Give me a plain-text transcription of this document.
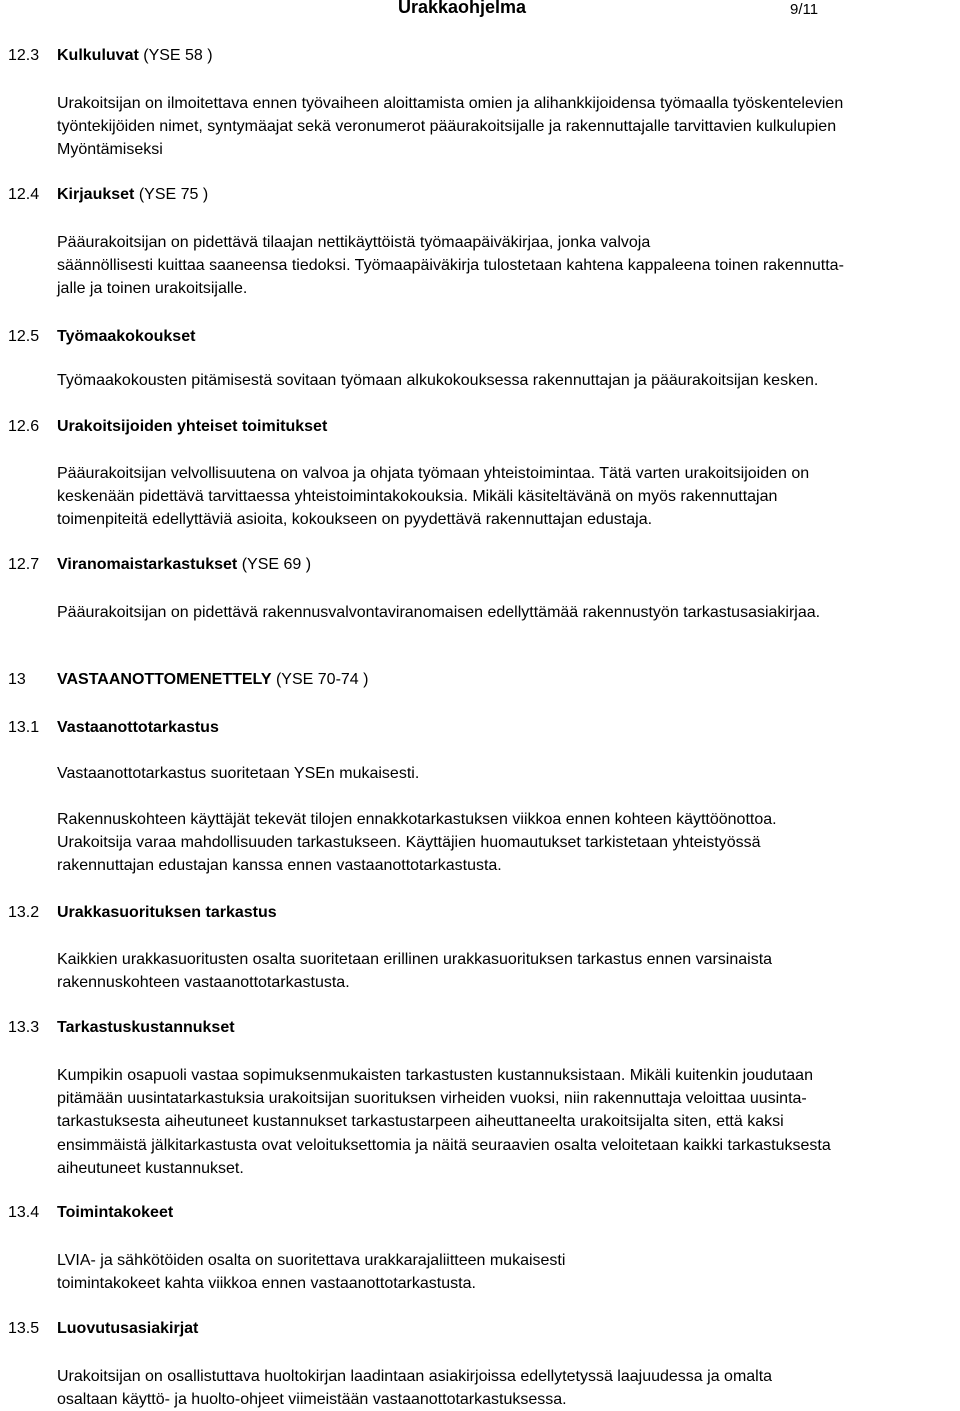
Urakkaohjelma	9/11
12.3 Kulkuluvat (YSE 58 )
Urakoitsijan on ilmoitettava ennen työvaiheen aloittamista omien ja alihankkijoidensa työmaalla työskentelevien
työntekijöiden nimet, syntymäajat sekä veronumerot pääurakoitsijalle ja rakennuttajalle tarvittavien kulkulupien
Myöntämiseksi
12.4 Kirjaukset (YSE 75 )
Pääurakoitsijan on pidettävä tilaajan nettikäyttöistä työmaapäiväkirjaa, jonka valvoja
säännöllisesti kuittaa saaneensa tiedoksi. Työmaapäiväkirja tulostetaan kahtena kappaleena toinen rakennutta-
jalle ja toinen urakoitsijalle.
12.5 Työmaakokoukset
Työmaakokousten pitämisestä sovitaan työmaan alkukokouksessa rakennuttajan ja pääurakoitsijan kesken.
12.6 Urakoitsijoiden yhteiset toimitukset
Pääurakoitsijan velvollisuutena on valvoa ja ohjata työmaan yhteistoimintaa. Tätä varten urakoitsijoiden on
keskenään pidettävä tarvittaessa yhteistoimintakokouksia. Mikäli käsiteltävänä on myös rakennuttajan
toimenpiteitä edellyttäviä asioita, kokoukseen on pyydettävä rakennuttajan edustaja.
12.7 Viranomaistarkastukset (YSE 69 )
Pääurakoitsijan on pidettävä rakennusvalvontaviranomaisen edellyttämää rakennustyön tarkastusasiakirjaa.
13 VASTAANOTTOMENETTELY (YSE 70-74 )
13.1 Vastaanottotarkastus
Vastaanottotarkastus suoritetaan YSEn mukaisesti.
Rakennuskohteen käyttäjät tekevät tilojen ennakkotarkastuksen viikkoa ennen kohteen käyttöönottoa.
Urakoitsija varaa mahdollisuuden tarkastukseen. Käyttäjien huomautukset tarkistetaan yhteistyössä
rakennuttajan edustajan kanssa ennen vastaanottotarkastusta.
13.2 Urakkasuorituksen tarkastus
Kaikkien urakkasuoritusten osalta suoritetaan erillinen urakkasuorituksen tarkastus ennen varsinaista
rakennuskohteen vastaanottotarkastusta.
13.3 Tarkastuskustannukset
Kumpikin osapuoli vastaa sopimuksenmukaisten tarkastusten kustannuksistaan. Mikäli kuitenkin joudutaan
pitämään uusintatarkastuksia urakoitsijan suorituksen virheiden vuoksi, niin rakennuttaja veloittaa uusinta-
tarkastuksesta aiheutuneet kustannukset tarkastustarpeen aiheuttaneelta urakoitsijalta siten, että kaksi
ensimmäistä jälkitarkastusta ovat veloituksettomia ja näitä seuraavien osalta veloitetaan kaikki tarkastuksesta
aiheutuneet kustannukset.
13.4 Toimintakokeet
LVIA- ja sähkötöiden osalta on suoritettava urakkarajaliitteen mukaisesti
toimintakokeet kahta viikkoa ennen vastaanottotarkastusta.
13.5 Luovutusasiakirjat
Urakoitsijan on osallistuttava huoltokirjan laadintaan asiakirjoissa edellytetyssä laajuudessa ja omalta
osaltaan käyttö- ja huolto-ohjeet viimeistään vastaanottotarkastuksessa.
